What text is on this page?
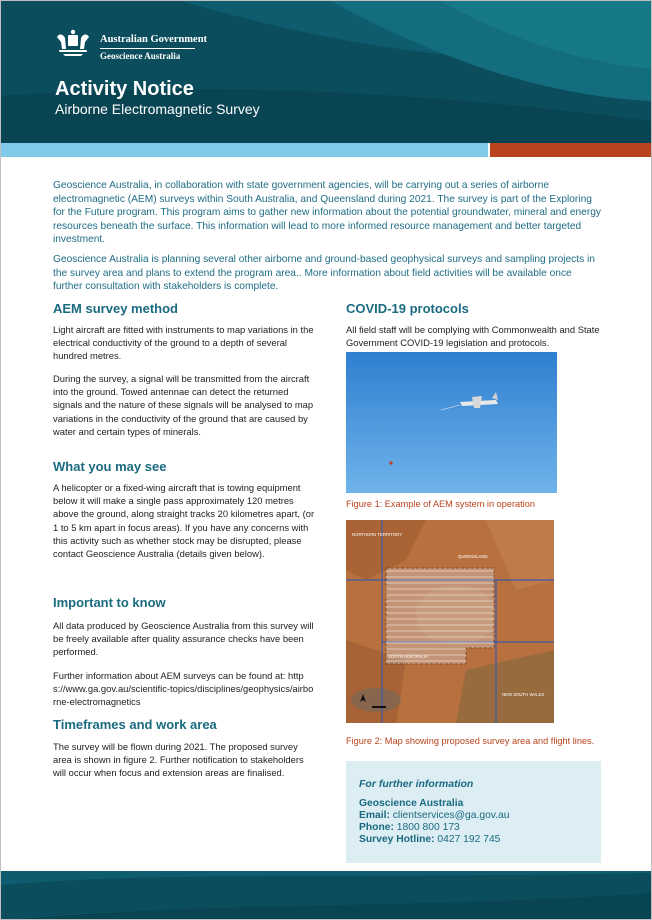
Australian Government
Geoscience Australia
Activity Notice
Airborne Electromagnetic Survey
Geoscience Australia, in collaboration with state government agencies, will be carrying out a series of airborne electromagnetic (AEM) surveys within South Australia, and Queensland during 2021. The survey is part of the Exploring for the Future program. This program aims to gather new information about the potential groundwater, mineral and energy resources beneath the surface. This information will lead to more informed resource management and better targeted investment.
Geoscience Australia is planning several other airborne and ground-based geophysical surveys and sampling projects in the survey area and plans to extend the program area.. More information about field activities will be available once further consultation with stakeholders is complete.
AEM survey method
Light aircraft are fitted with instruments to map variations in the electrical conductivity of the ground to a depth of several hundred metres.
During the survey, a signal will be transmitted from the aircraft into the ground. Towed antennae can detect the returned signals and the nature of these signals will be analysed to map variations in the conductivity of the ground that are caused by water and certain types of minerals.
What you may see
A helicopter or a fixed-wing aircraft that is towing equipment below it will make a single pass approximately 120 metres above the ground, along straight tracks 20 kilometres apart, (or 1 to 5 km apart in focus areas). If you have any concerns with this activity such as whether stock may be disrupted, please contact Geoscience Australia (details given below).
Important to know
All data produced by Geoscience Australia from this survey will be freely available after quality assurance checks have been performed.
Further information about AEM surveys can be found at: https://www.ga.gov.au/scientific-topics/disciplines/geophysics/airborne-electromagnetics
Timeframes and work area
The survey will be flown during 2021. The proposed survey area is shown in figure 2. Further notification to stakeholders will occur when focus and extension areas are finalised.
COVID-19 protocols
All field staff will be complying with Commonwealth and State Government COVID-19 legislation and protocols.
Figure 1: Example of AEM system in operation
NORTHERN TERRITORY
QUEENSLAND
SOUTH AUSTRALIA
NEW SOUTH WALES
Figure 2: Map showing proposed survey area and flight lines.
For further information
Geoscience Australia
Email: clientservices@ga.gov.au
Phone: 1800 800 173
Survey Hotline: 0427 192 745
